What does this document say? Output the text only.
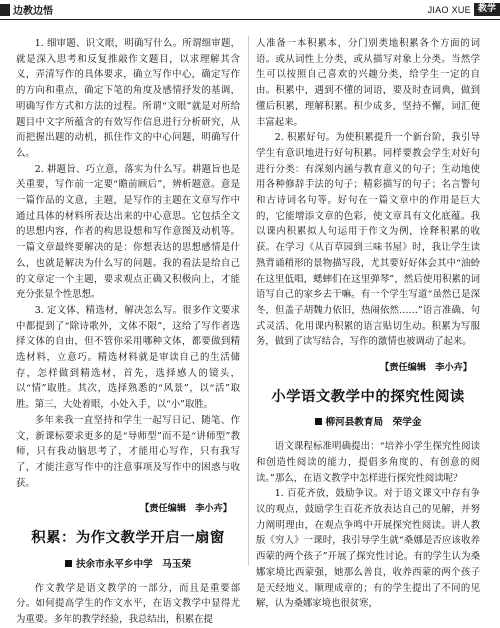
边教边悟	JIAO XUE 教学

1. 细审题、识文眼，明确写什么。所谓细审题，就是深入思考和反复推敲作文题目，以求理解其含义，弄清写作的具体要求，确立写作中心，确定写作的方向和重点，确定下笔的角度及感情抒发的基调，明确写作方式和方法的过程。所谓“文眼”就是对所给题目中文字所蕴含的有效写作信息进行分析研究，从而把握出题的动机，抓住作文的中心问题，明确写什么。

2. 耕题旨、巧立意，落实为什么写。耕题旨也是关重要，写作前一定要“瞻前顾后”，辨析题意。意是一篇作品的文意，主题，是写作的主题在文章写作中通过具体的材料所表达出来的中心意思。它包括全文的思想内容，作者的构思设想和写作意图及动机等。一篇文章最终要解决的是：你想表达的思想感情是什么，也就是解决为什么写的问题。我的看法是给自己的文章定一个主题，要求观点正确又积极向上，才能充分张显个性思想。

3. 定文体、精选材，解决怎么写。很多作文要求中都提到了“除诗歌外，文体不限”，这给了写作者选择文体的自由，但不管你采用哪种文体，都要做到精选材料，立意巧。精选材料就是审读自己的生活储存，怎样做到精选材，首先，选择感人的镜头，以“情”取胜。其次，选择熟悉的“风景”，以“活”取胜。第三，大处着眼，小处入手，以“小”取胜。

多年来我一直坚持和学生一起写日记、随笔、作文，新课标要求更多的是“导师型”而不是“讲师型”教师，只有我动脑思考了，才能用心写作，只有我写了，才能注意写作中的注意事项及写作中的困惑与收获。

【责任编辑　李小卉】
积累：为作文教学开启一扇窗
扶余市永平乡中学　马玉荣

作文教学是语文教学的一部分，而且是重要部分。如何提高学生的作文水平，在语文教学中显得尤为重要。多年的教学经验，我总结出，积累在提

人准备一本积累本，分门别类地积累各个方面的词语。或从词性上分类，或从描写对象上分类。当然学生可以按照自己喜欢的兴趣分类，给学生一定的自由。积累中，遇到不懂的词语，要及时查词典，做到懂后积累，理解积累。积少成多，坚持不懈，词汇便丰富起来。

2. 积累好句。为使积累提升一个新台阶，我引导学生有意识地进行好句积累。同样要教会学生对好句进行分类：有深刻内涵与教育意义的句子；生动地使用各种修辞手法的句子；精彩描写的句子；名言警句和古诗词名句等。好句在一篇文章中的作用是巨大的，它能增添文章的色彩，使文章具有文化底蕴。我以课内积累拟人句运用于作文为例，诠释积累的收获。在学习《从百草园到三味书屋》时，我让学生读熟背诵稍形的景物描写段，尤其要好好体会其中“油蛉在这里低唱，蟋蟀们在这里弹琴”，然后使用积累的词语写自己的家乡去干嘛。有一个学生写道“虽然已是深冬，但盖子胡魏力依旧，热闹依然……”语言准确、句式灵活、化用课内积累的语言贴切生动。积累为写服务，做到了读写结合，写作的激情也被调动了起来。

【责任编辑　李小卉】
小学语文教学中的探究性阅读
柳河县教育局　荣学金

语文课程标准明确提出：“培养小学生探究性阅读和创造性阅读的能力，提倡多角度的、有创意的阅读。”那么，在语文教学中怎样进行探究性阅读呢？

1. 百花齐放，鼓励争议。对于语文课文中存有争议的观点，鼓励学生百花齐放表达自己的见解，并努力阐明理由，在观点争鸣中开展探究性阅读。讲人教版《穷人》一课时，我引导学生就“桑娜是否应该收养西蒙的两个孩子”开展了探究性讨论。有的学生认为桑娜家境比西蒙强，她那么善良，收养西蒙的两个孩子是天经地义、顺理成章的；有的学生提出了不同的见解，认为桑娜家境也很贫寒，
